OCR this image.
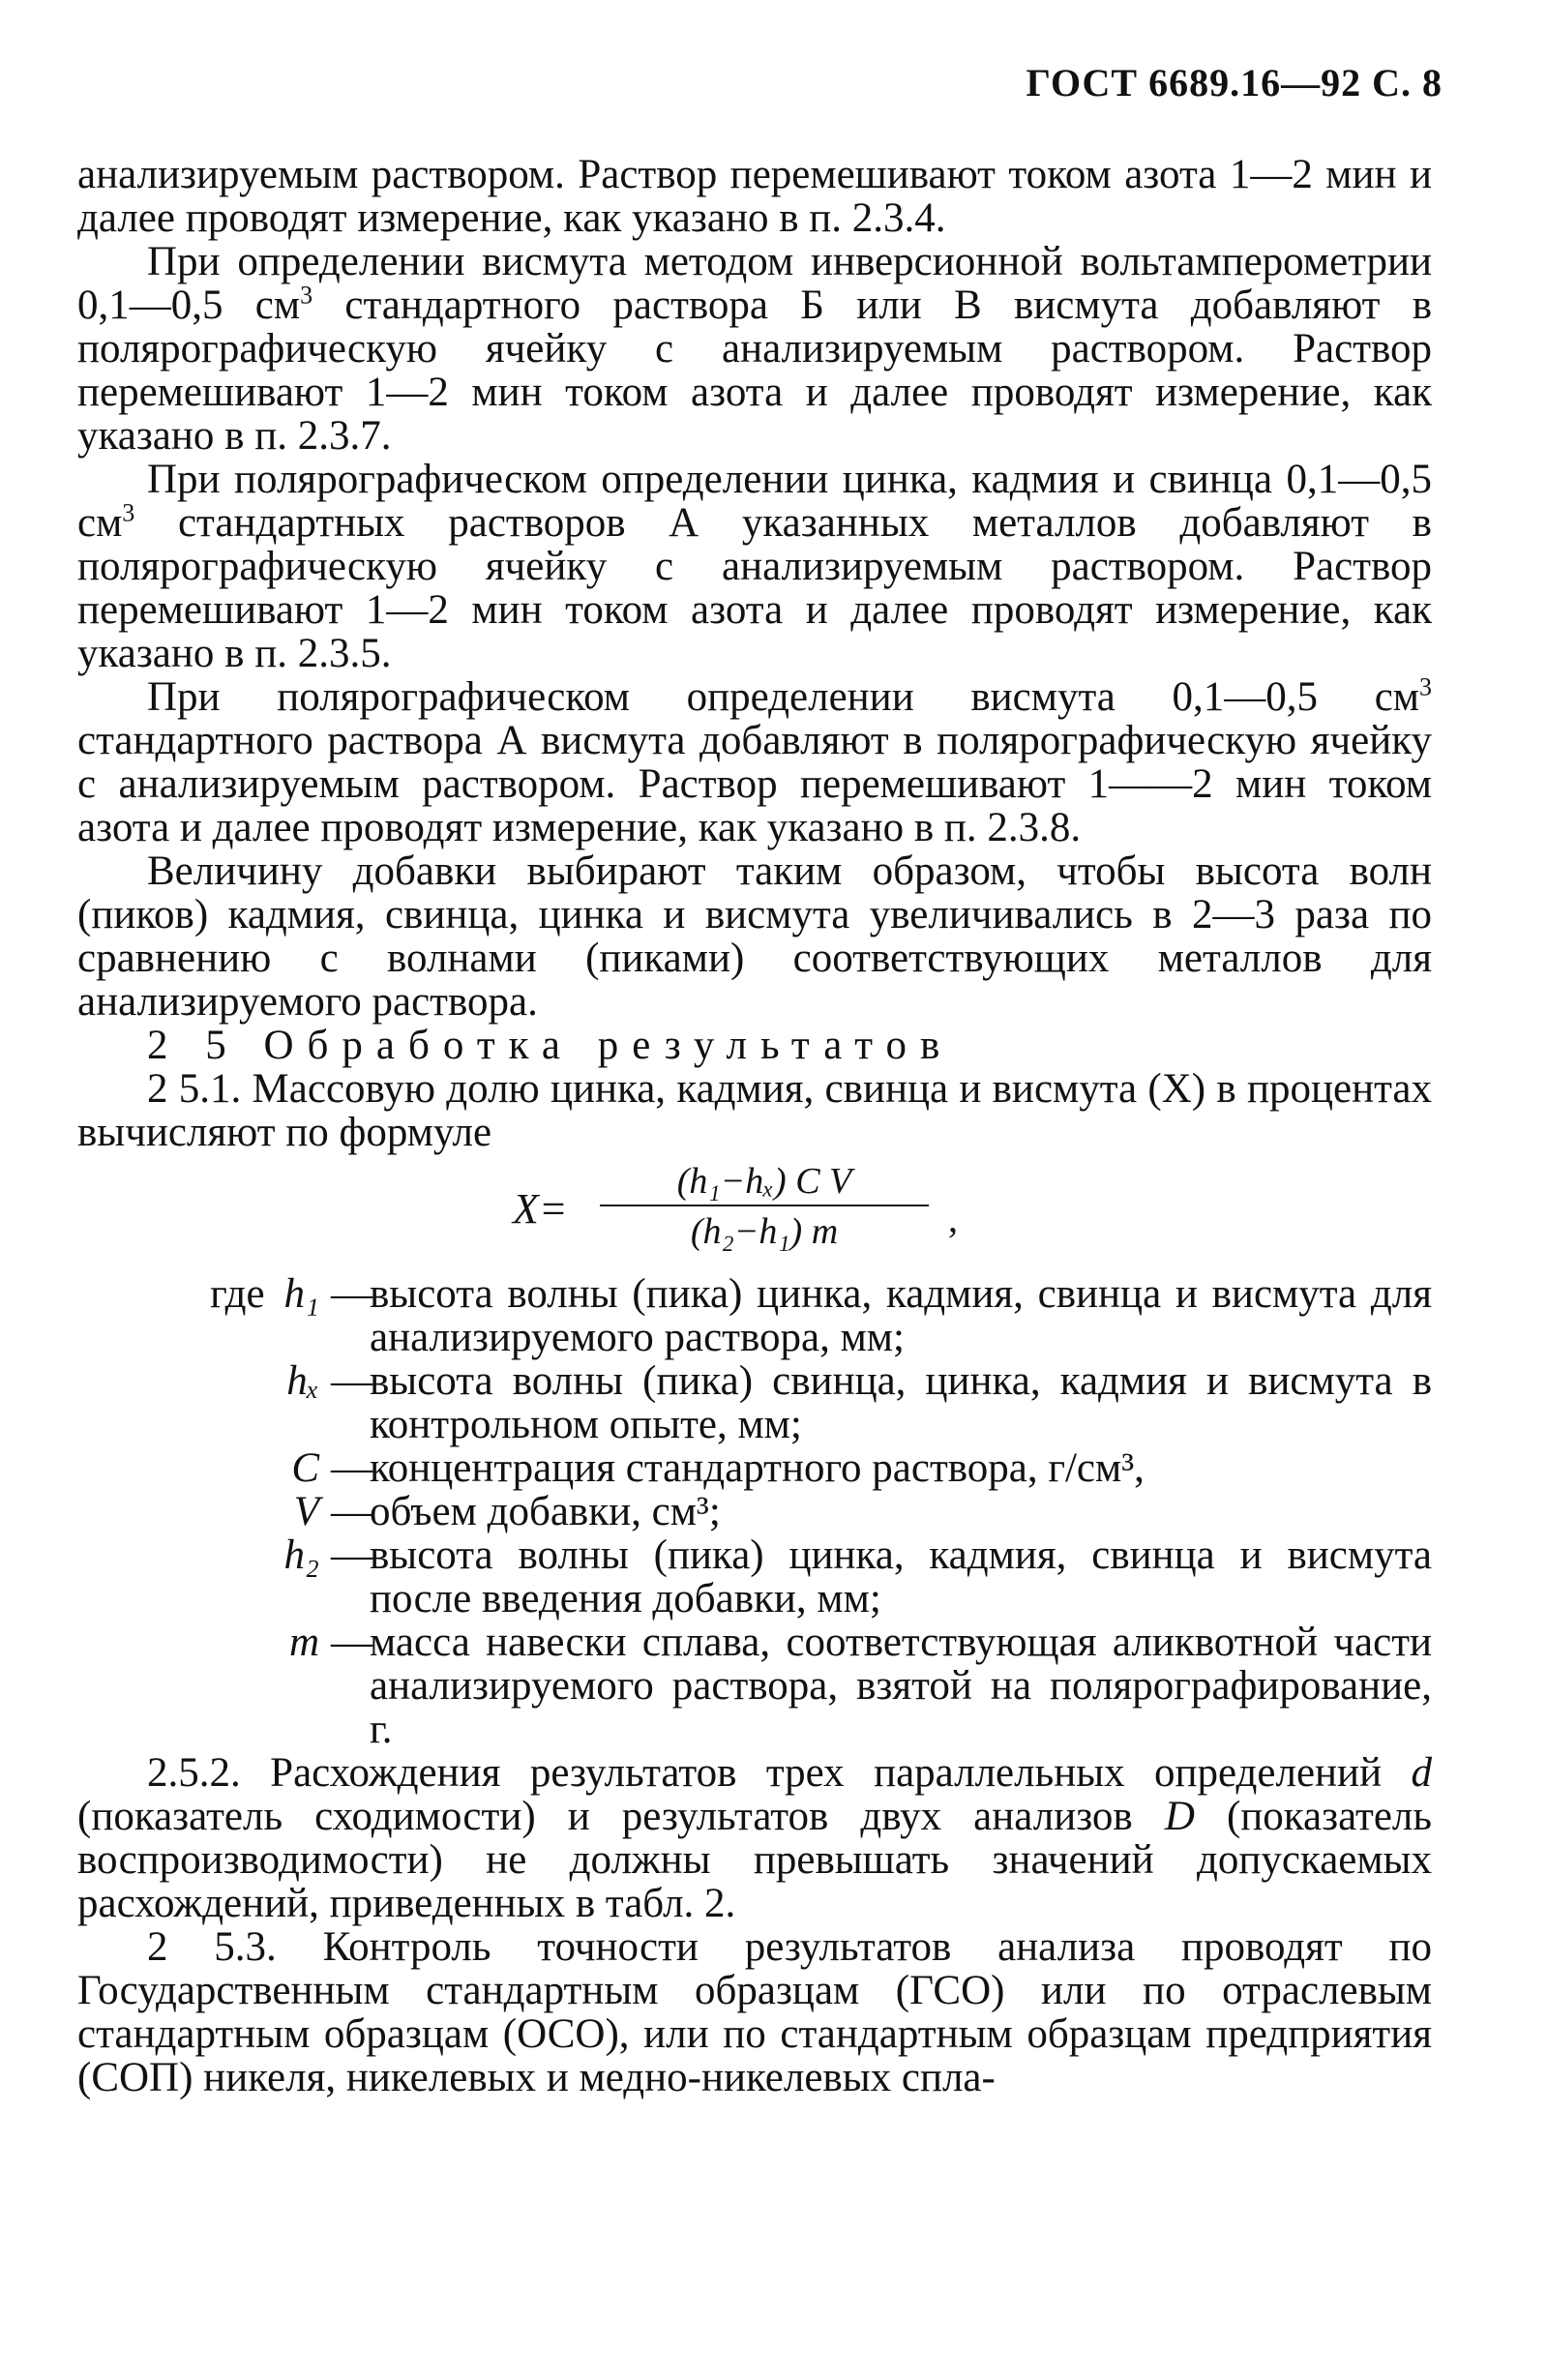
ГОСТ 6689.16—92 С. 8

анализируемым раствором. Раствор перемешивают током азота 1—2 мин и далее проводят измерение, как указано в п. 2.3.4.

При определении висмута методом инверсионной вольтамперометрии 0,1—0,5 $см^3$ стандартного раствора Б или В висмута добавляют в полярографическую ячейку с анализируемым раствором. Раствор перемешивают 1—2 мин током азота и далее проводят измерение, как указано в п. 2.3.7.

При полярографическом определении цинка, кадмия и свинца 0,1—0,5 $см^3$ стандартных растворов А указанных металлов добавляют в полярографическую ячейку с анализируемым раствором. Раствор перемешивают 1—2 мин током азота и далее проводят измерение, как указано в п. 2.3.5.

При полярографическом определении висмута 0,1—0,5 $см^3$ стандартного раствора А висмута добавляют в полярографическую ячейку с анализируемым раствором. Раствор перемешивают 1——2 мин током азота и далее проводят измерение, как указано в п. 2.3.8.

Величину добавки выбирают таким образом, чтобы высота волн (пиков) кадмия, свинца, цинка и висмута увеличивались в 2—3 раза по сравнению с волнами (пиками) соответствующих металлов для анализируемого раствора.

2 5 Обработка результатов

2 5.1. Массовую долю цинка, кадмия, свинца и висмута (X) в процентах вычисляют по формуле

X=
(h₁−hₓ) C V
(h₂−h₁) m	,
где h₁ —
высота волны (пика) цинка, кадмия, свинца и висмута для анализируемого раствора, мм;
hₓ —
высота волны (пика) свинца, цинка, кадмия и висмута в контрольном опыте, мм;
C —
концентрация стандартного раствора, г/см³,
V —
объем добавки, см³;
h₂ —
высота волны (пика) цинка, кадмия, свинца и висмута после введения добавки, мм;
m —
масса навески сплава, соответствующая аликвотной части анализируемого раствора, взятой на полярографирование, г.

2.5.2. Расхождения результатов трех параллельных определений d (показатель сходимости) и результатов двух анализов D (показатель воспроизводимости) не должны превышать значений допускаемых расхождений, приведенных в табл. 2.

2 5.3. Контроль точности результатов анализа проводят по Государственным стандартным образцам (ГСО) или по отраслевым стандартным образцам (ОСО), или по стандартным образцам предприятия (СОП) никеля, никелевых и медно-никелевых спла-
